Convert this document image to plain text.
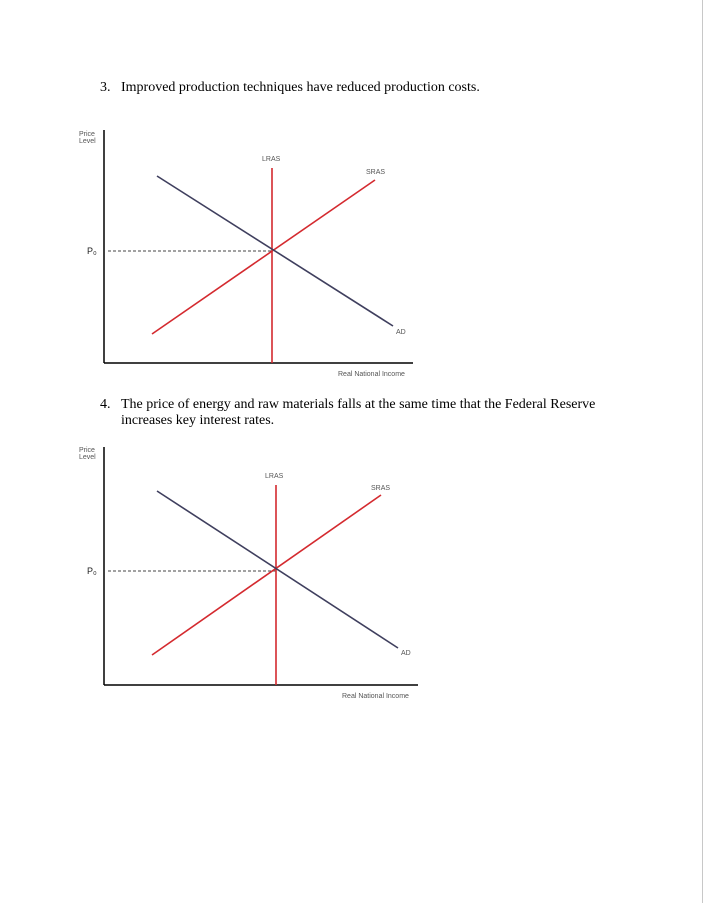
3. Improved production techniques have reduced production costs.
Price
Level
P₀
LRAS
SRAS
AD
Real National Income
4. The price of energy and raw materials falls at the same time that the Federal Reserve increases key interest rates.
Price
Level
P₀
LRAS
SRAS
AD
Real National Income
